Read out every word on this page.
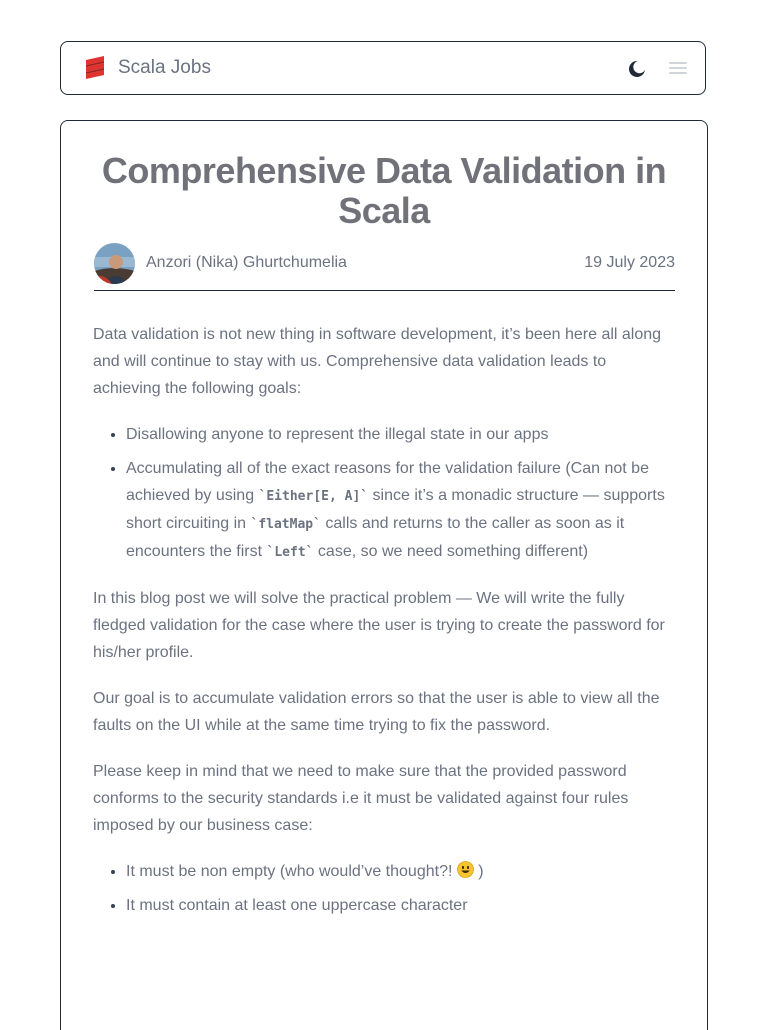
Scala Jobs
Comprehensive Data Validation in Scala
Anzori (Nika) Ghurtchumelia	19 July 2023

Data validation is not new thing in software development, it’s been here all along and will continue to stay with us. Comprehensive data validation leads to achieving the following goals:

• Disallowing anyone to represent the illegal state in our apps
• Accumulating all of the exact reasons for the validation failure (Can not be achieved by using `Either[E, A]` since it’s a monadic structure — supports short circuiting in `flatMap` calls and returns to the caller as soon as it encounters the first `Left` case, so we need something different)

In this blog post we will solve the practical problem — We will write the fully fledged validation for the case where the user is trying to create the password for his/her profile.

Our goal is to accumulate validation errors so that the user is able to view all the faults on the UI while at the same time trying to fix the password.

Please keep in mind that we need to make sure that the provided password conforms to the security standards i.e it must be validated against four rules imposed by our business case:

• It must be non empty (who would’ve thought?!  )
• It must contain at least one uppercase character
